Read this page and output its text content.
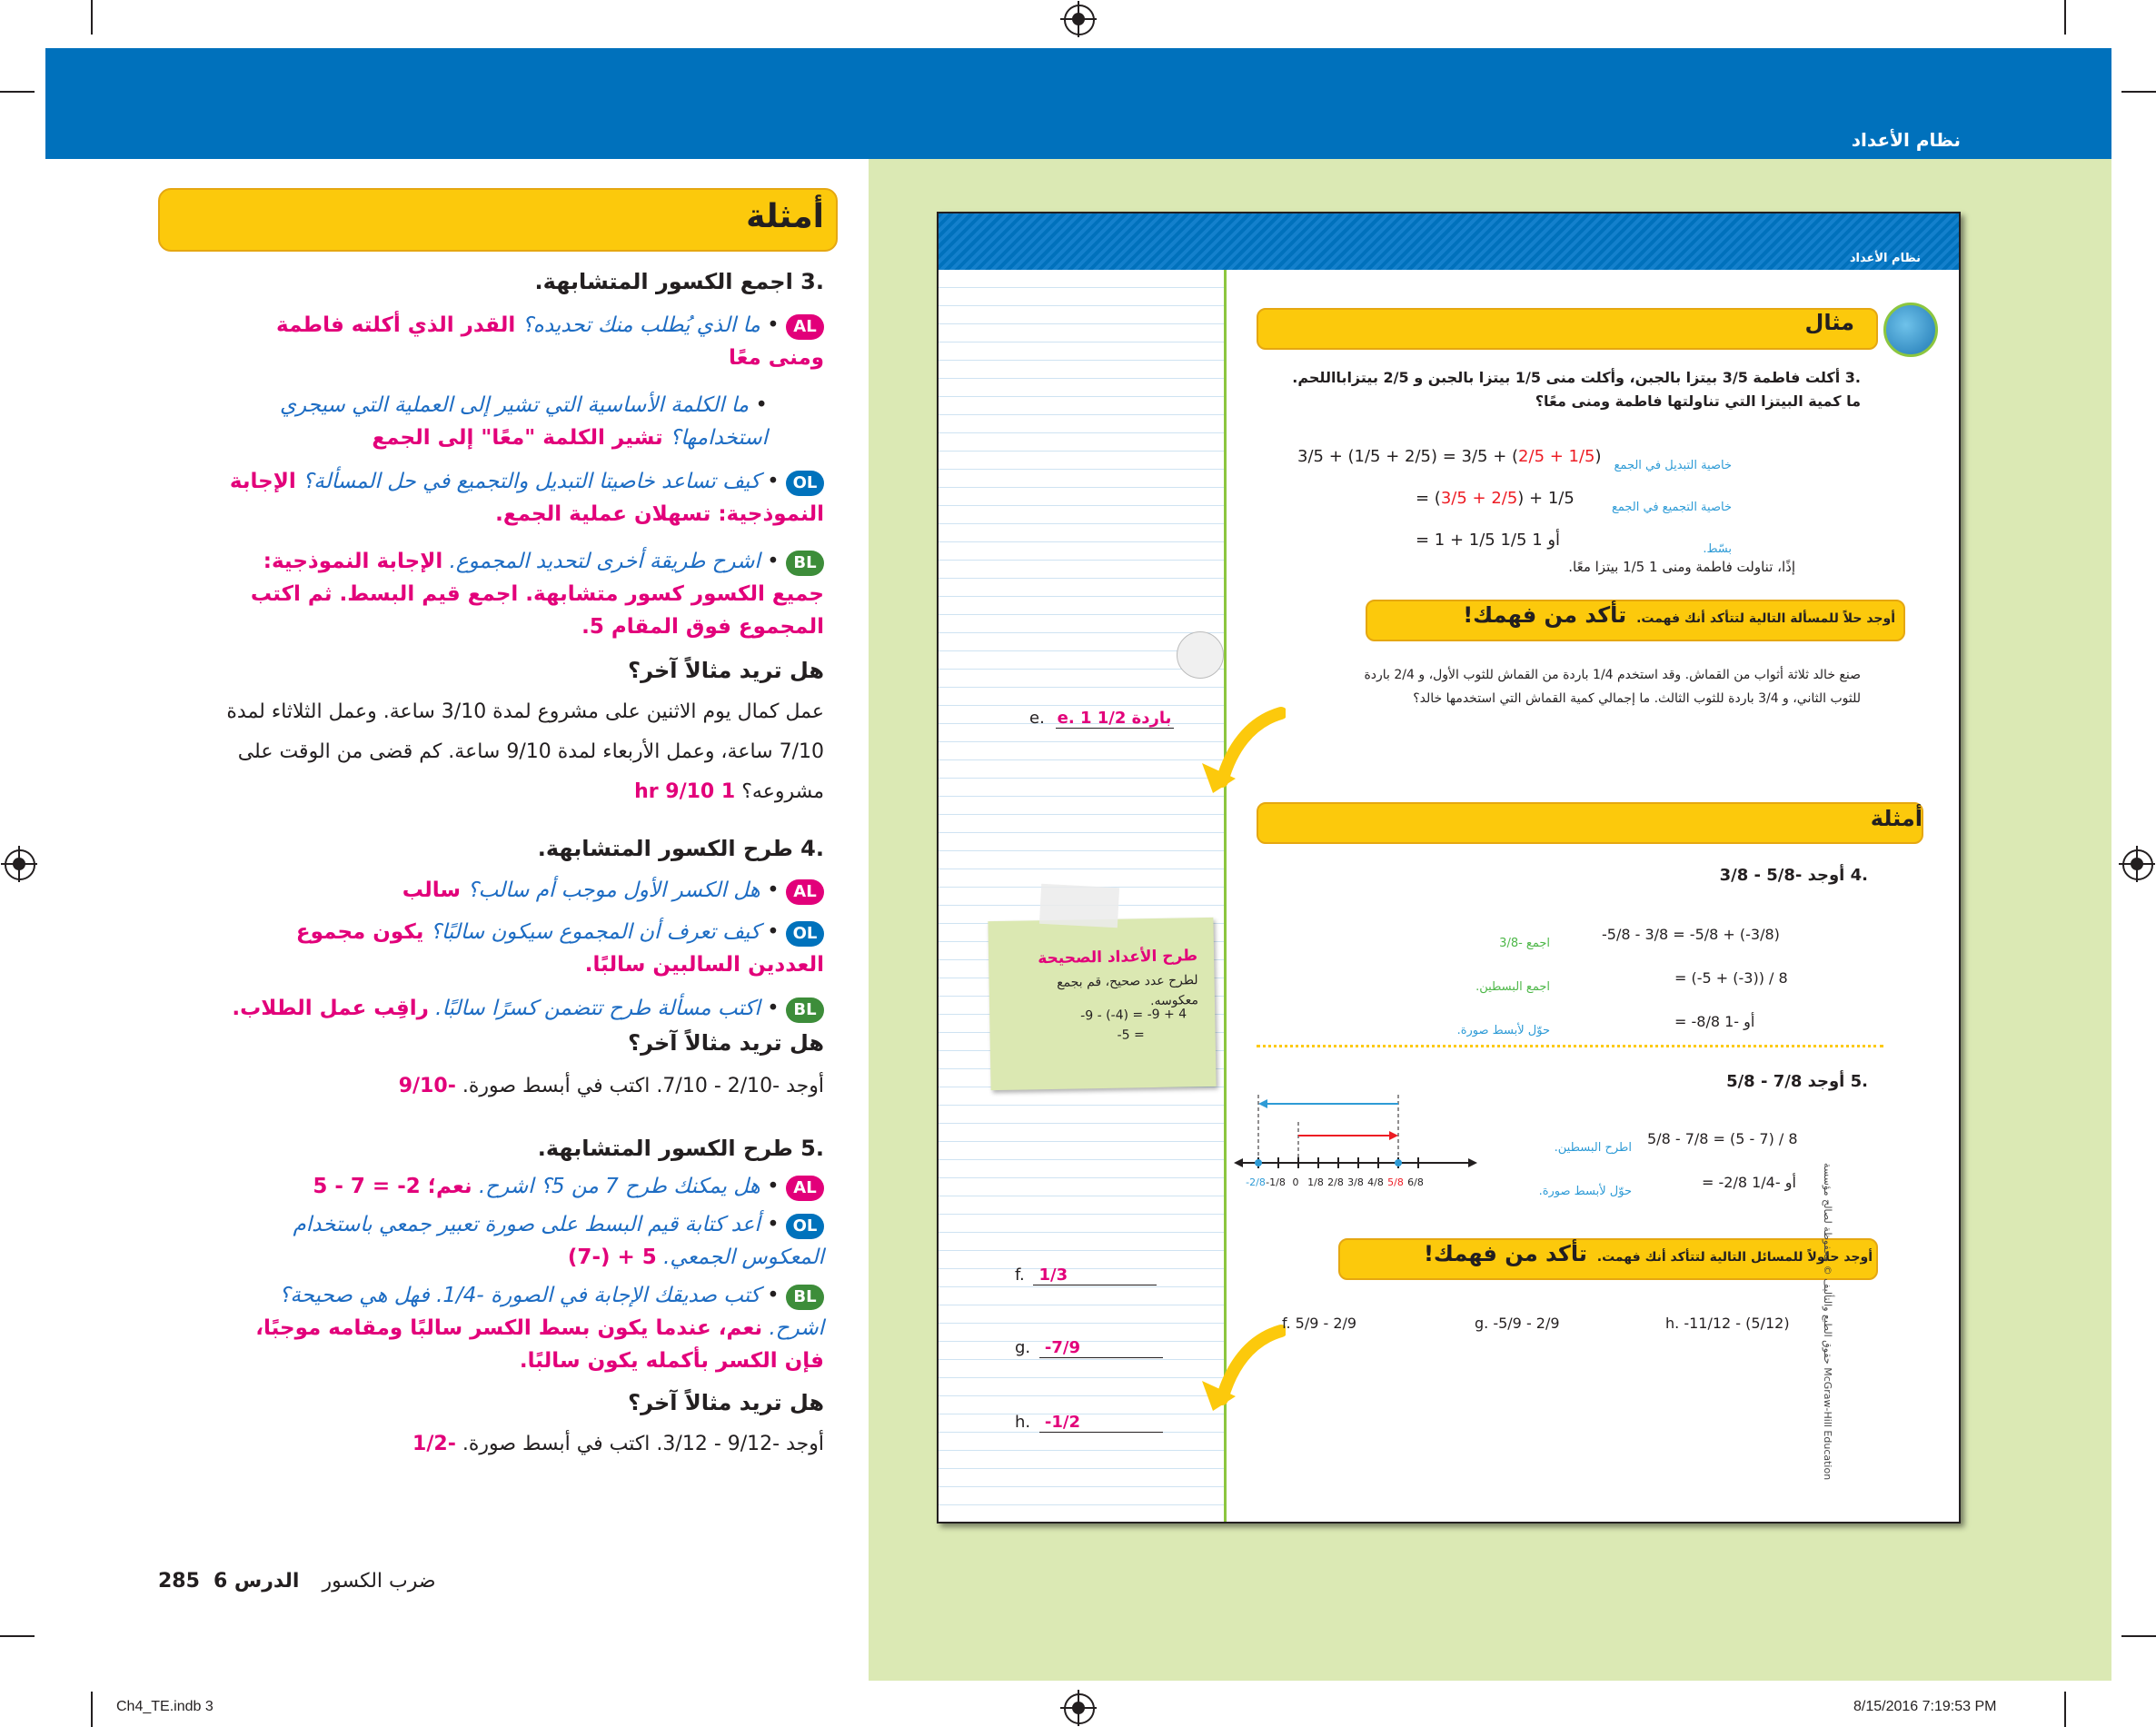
نظام الأعداد
أمثلة
.3 اجمع الكسور المتشابهة.
AL • ما الذي يُطلب منك تحديده؟ القدر الذي أكلته فاطمة ومنى معًا
• ما الكلمة الأساسية التي تشير إلى العملية التي سيجري استخدامها؟ تشير الكلمة "معًا" إلى الجمع
OL • كيف تساعد خاصيتا التبديل والتجميع في حل المسألة؟ الإجابة النموذجية: تسهلان عملية الجمع.
BL • اشرح طريقة أخرى لتحديد المجموع. الإجابة النموذجية: جميع الكسور كسور متشابهة. اجمع قيم البسط. ثم اكتب المجموع فوق المقام 5.
هل تريد مثالاً آخر؟
عمل كمال يوم الاثنين على مشروع لمدة 3/10 ساعة. وعمل الثلاثاء لمدة 7/10 ساعة، وعمل الأربعاء لمدة 9/10 ساعة. كم قضى من الوقت على مشروعه؟ 1 9/10 hr
.4 طرح الكسور المتشابهة.
AL • هل الكسر الأول موجب أم سالب؟ سالب
OL • كيف تعرف أن المجموع سيكون سالبًا؟ يكون مجموع العددين السالبين سالبًا.
BL • اكتب مسألة طرح تتضمن كسرًا سالبًا. راقِب عمل الطلاب.
هل تريد مثالاً آخر؟
أوجد -2/10 - 7/10. اكتب في أبسط صورة. -9/10
.5 طرح الكسور المتشابهة.
AL • هل يمكنك طرح 7 من 5؟ اشرح. نعم؛ 2- = 7 - 5
OL • أعد كتابة قيم البسط على صورة تعبير جمعي باستخدام المعكوس الجمعي. 5 + (-7)
BL • كتب صديقك الإجابة في الصورة -1/4. فهل هي صحيحة؟ اشرح. نعم، عندما يكون بسط الكسر سالبًا ومقامه موجبًا، فإن الكسر بأكمله يكون سالبًا.
هل تريد مثالاً آخر؟
أوجد -9/12 - 3/12. اكتب في أبسط صورة. -1/2
285	ضرب الكسور الدرس 6
Ch4_TE.indb 3	8/15/2016 7:19:53 PM
نظام الأعداد
طرح الأعداد الصحيحة
لطرح عدد صحيح، قم بجمع معكوسه.
-9 - (-4) = -9 + 4
-5 =
e. e. 1 1/2 باردة
f. 1/3
g. -7/9
h. -1/2
مثال
.3 أكلت فاطمة 3/5 بيتزا بالجبن، وأكلت منى 1/5 بيتزا بالجبن و 2/5 بيتزابااللحم. ما كمية البيتزا التي تناولتها فاطمة ومنى معًا؟
3/5 + (1/5 + 2/5) = 3/5 + (2/5 + 1/5)
= (3/5 + 2/5) + 1/5
= 1 + 1/5 أو 1 1/5
خاصية التبديل في الجمع
خاصية التجميع في الجمع
بسّط.
إذًا، تناولت فاطمة ومنى 1 1/5 بيتزا معًا.
أوجد حلاً للمسألة التالية لتتأكد أنك فهمت. تأكد من فهمك!
صنع خالد ثلاثة أثواب من القماش. وقد استخدم 1/4 باردة من القماش للثوب الأول، و 2/4 باردة للثوب الثاني، و 3/4 باردة للثوب الثالث. ما إجمالي كمية القماش التي استخدمها خالد؟
أمثلة
.4 أوجد -5/8 - 3/8
-5/8 - 3/8 = -5/8 + (-3/8)
= (-5 + (-3)) / 8
= -8/8 أو -1
اجمع -3/8
اجمع البسطين.
حوّل لأبسط صورة.
.5 أوجد 7/8 - 5/8
5/8 - 7/8 = (5 - 7) / 8
= -2/8 أو -1/4
اطرح البسطين.
حوّل لأبسط صورة.
-2/8 -1/8 0 1/8 2/8 3/8 4/8 5/8 6/8
أوجد حلولاً للمسائل التالية لتتأكد أنك فهمت. تأكد من فهمك!
f. 5/9 - 2/9	g. -5/9 - 2/9	h. -11/12 - (5/12)	حقوق الطبع والتأليف © محفوظة لصالح مؤسسة McGraw-Hill Education
